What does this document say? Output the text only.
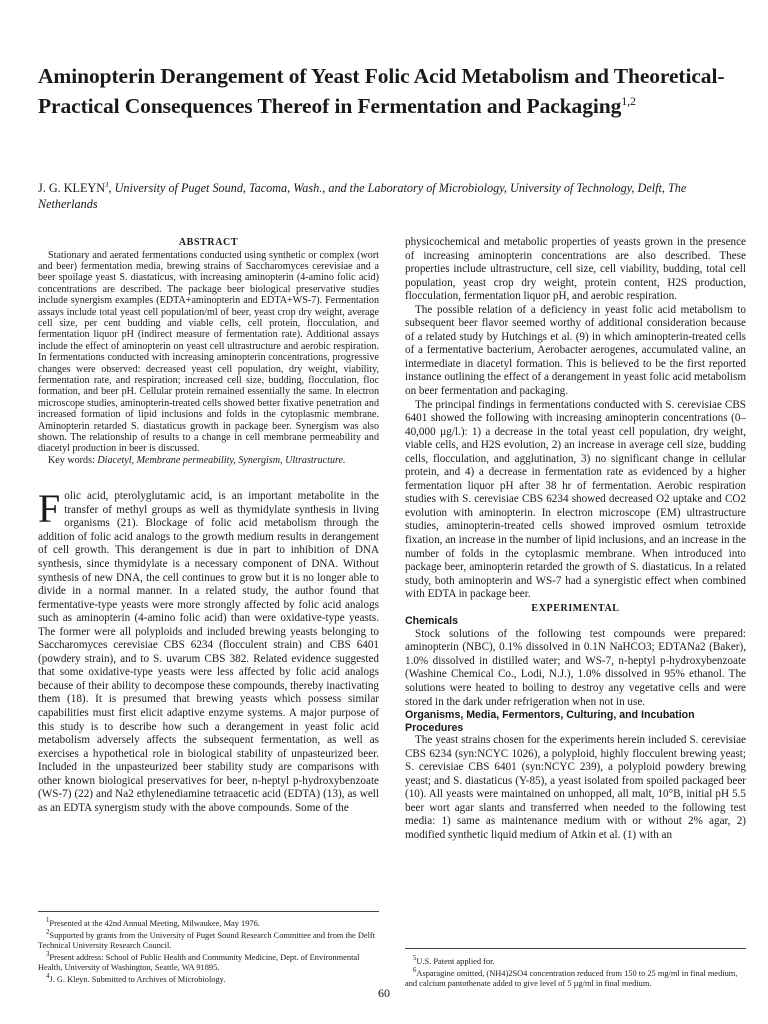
Aminopterin Derangement of Yeast Folic Acid Metabolism and Theoretical-Practical Consequences Thereof in Fermentation and Packaging$^{1,2}$

J. G. KLEYN$^3$, University of Puget Sound, Tacoma, Wash., and the Laboratory of Microbiology, University of Technology, Delft, The Netherlands

ABSTRACT

Stationary and aerated fermentations conducted using synthetic or complex (wort and beer) fermentation media, brewing strains of Saccharomyces cerevisiae and a beer spoilage yeast S. diastaticus, with increasing aminopterin (4-amino folic acid) concentrations are described. The package beer biological preservative studies include synergism examples (EDTA+aminopterin and EDTA+WS-7). Fermentation assays include total yeast cell population/ml of beer, yeast crop dry weight, average cell size, per cent budding and viable cells, cell protein, flocculation, and fermentation liquor pH (indirect measure of fermentation rate). Additional assays include the effect of aminopterin on yeast cell ultrastructure and aerobic respiration. In fermentations conducted with increasing aminopterin concentrations, progressive changes were observed: decreased yeast cell population, dry weight, viability, fermentation rate, and respiration; increased cell size, budding, flocculation, floc formation, and beer pH. Cellular protein remained essentially the same. In electron microscope studies, aminopterin-treated cells showed better fixative penetration and increased formation of lipid inclusions and folds in the cytoplasmic membrane. Aminopterin retarded S. diastaticus growth in package beer. Synergism was also shown. The relationship of results to a change in cell membrane permeability and diacetyl production in beer is discussed.

Key words: Diacetyl, Membrane permeability, Synergism, Ultrastructure.

F olic acid, pterolyglutamic acid, is an important metabolite in the transfer of methyl groups as well as thymidylate synthesis in living organisms (21). Blockage of folic acid metabolism through the addition of folic acid analogs to the growth medium results in derangement of cell growth. This derangement is due in part to inhibition of DNA synthesis, since thymidylate is a necessary component of DNA. Without synthesis of new DNA, the cell continues to grow but it is no longer able to divide in a normal manner. In a related study, the author found that fermentative-type yeasts were more strongly affected by folic acid analogs such as aminopterin (4-amino folic acid) than were oxidative-type yeasts. The former were all polyploids and included brewing yeasts belonging to Saccharomyces cerevisiae CBS 6234 (flocculent strain) and CBS 6401 (powdery strain), and to S. uvarum CBS 382. Related evidence suggested that some oxidative-type yeasts were less affected by folic acid analogs because of their ability to decompose these compounds, thereby inactivating them (18). It is presumed that brewing yeasts which possess similar capabilities must first elicit adaptive enzyme systems. A major purpose of this study is to describe how such a derangement in yeast folic acid metabolism adversely affects the subsequent fermentation, as well as exercises a hypothetical role in biological stability of unpasteurized beer. Included in the unpasteurized beer stability study are comparisons with other known biological preservatives for beer, n-heptyl p-hydroxybenzoate (WS-7) (22) and Na2 ethylenediamine tetraacetic acid (EDTA) (13), as well as an EDTA synergism study with the above compounds. Some of the

physicochemical and metabolic properties of yeasts grown in the presence of increasing aminopterin concentrations are also described. These properties include ultrastructure, cell size, cell viability, budding, total cell population, yeast crop dry weight, protein content, H2S production, flocculation, fermentation liquor pH, and aerobic respiration.

The possible relation of a deficiency in yeast folic acid metabolism to subsequent beer flavor seemed worthy of additional consideration because of a related study by Hutchings et al. (9) in which aminopterin-treated cells of a fermentative bacterium, Aerobacter aerogenes, accumulated valine, an intermediate in diacetyl formation. This is believed to be the first reported instance outlining the effect of a derangement in yeast folic acid metabolism on beer fermentation and packaging.

The principal findings in fermentations conducted with S. cerevisiae CBS 6401 showed the following with increasing aminopterin concentrations (0–40,000 µg/l.): 1) a decrease in the total yeast cell population, dry weight, viable cells, and H2S evolution, 2) an increase in average cell size, budding cells, flocculation, and agglutination, 3) no significant change in cellular protein, and 4) a decrease in fermentation rate as evidenced by a higher fermentation liquor pH after 38 hr of fermentation. Aerobic respiration studies with S. cerevisiae CBS 6234 showed decreased O2 uptake and CO2 evolution with aminopterin. In electron microscope (EM) ultrastructure studies, aminopterin-treated cells showed improved osmium tetroxide fixation, an increase in the number of lipid inclusions, and an increase in the number of folds in the cytoplasmic membrane. When introduced into package beer, aminopterin retarded the growth of S. diastaticus. In a related study, both aminopterin and WS-7 had a synergistic effect when combined with EDTA in package beer.

EXPERIMENTAL

Chemicals

Stock solutions of the following test compounds were prepared: aminopterin (NBC), 0.1% dissolved in 0.1N NaHCO3; EDTANa2 (Baker), 1.0% dissolved in distilled water; and WS-7, n-heptyl p-hydroxybenzoate (Washine Chemical Co., Lodi, N.J.), 1.0% dissolved in 95% ethanol. The solutions were heated to boiling to destroy any vegetative cells and were stored in the dark under refrigeration when not in use.

Organisms, Media, Fermentors, Culturing, and Incubation Procedures

The yeast strains chosen for the experiments herein included S. cerevisiae CBS 6234 (syn:NCYC 1026), a polyploid, highly flocculent brewing yeast; S. cerevisiae CBS 6401 (syn:NCYC 239), a polyploid powdery brewing yeast; and S. diastaticus (Y-85), a yeast isolated from spoiled packaged beer (10). All yeasts were maintained on unhopped, all malt, 10°B, initial pH 5.5 beer wort agar slants and transferred when needed to the following test media: 1) same as maintenance medium with or without 2% agar, 2) modified synthetic liquid medium of Atkin et al. (1) with an

$^1$Presented at the 42nd Annual Meeting, Milwaukee, May 1976.

$^2$Supported by grants from the University of Puget Sound Research Committee and from the Delft Technical University Research Council.

$^3$Present address: School of Public Health and Community Medicine, Dept. of Environmental Health, University of Washington, Seattle, WA 91895.

$^4$J. G. Kleyn. Submitted to Archives of Microbiology.

$^5$U.S. Patent applied for.

$^6$Asparagine omitted, (NH4)2SO4 concentration reduced from 150 to 25 mg/ml in final medium, and calcium pantothenate added to give level of 5 µg/ml in final medium.

60
